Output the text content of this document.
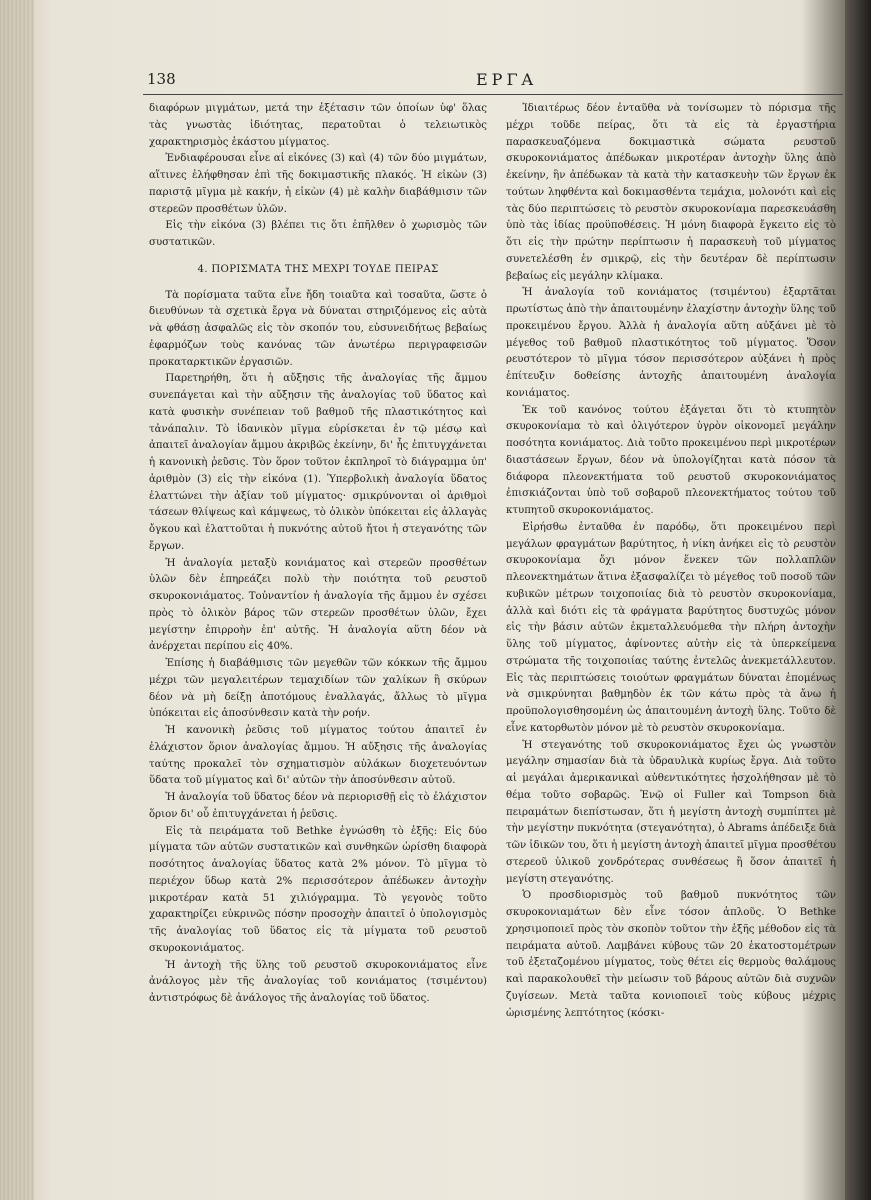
138	ΕΡΓΑ

διαφόρων μιγμάτων, μετά την ἐξέτασιν τῶν ὁποίων ὑφ' ὅλας τὰς γνωστὰς ἰδιότητας, περατοῦται ὁ τελειωτικὸς χαρακτηρισμὸς ἑκάστου μίγματος.

Ἐνδιαφέρουσαι εἶνε αἱ εἰκόνες (3) καὶ (4) τῶν δύο μιγμάτων, αἵτινες ἐλήφθησαν ἐπὶ τῆς δοκιμαστικῆς πλακός. Ἡ εἰκὼν (3) παριστᾷ μῖγμα μὲ κακήν, ἡ εἰκὼν (4) μὲ καλὴν διαβάθμισιν τῶν στερεῶν προσθέτων ὑλῶν.

Εἰς τὴν εἰκόνα (3) βλέπει τις ὅτι ἐπῆλθεν ὁ χωρισμὸς τῶν συστατικῶν.

4. ΠΟΡΙΣΜΑΤΑ ΤΗΣ ΜΕΧΡΙ ΤΟΥΔΕ ΠΕΙΡΑΣ

Τὰ πορίσματα ταῦτα εἶνε ἤδη τοιαῦτα καὶ τοσαῦτα, ὥστε ὁ διευθύνων τὰ σχετικὰ ἔργα νὰ δύναται στηριζόμενος εἰς αὐτὰ νὰ φθάσῃ ἀσφαλῶς εἰς τὸν σκοπόν του, εὐσυνειδήτως βεβαίως ἐφαρμόζων τοὺς κανόνας τῶν ἀνωτέρω περιγραφεισῶν προκαταρκτικῶν ἐργασιῶν.

Παρετηρήθη, ὅτι ἡ αὔξησις τῆς ἀναλογίας τῆς ἄμμου συνεπάγεται καὶ τὴν αὔξησιν τῆς ἀναλογίας τοῦ ὕδατος καὶ κατὰ φυσικὴν συνέπειαν τοῦ βαθμοῦ τῆς πλαστικότητος καὶ τἀνάπαλιν. Τὸ ἰδανικὸν μῖγμα εὑρίσκεται ἐν τῷ μέσῳ καὶ ἀπαιτεῖ ἀναλογίαν ἄμμου ἀκριβῶς ἐκείνην, δι' ἧς ἐπιτυγχάνεται ἡ κανονικὴ ῥεῦσις. Τὸν ὅρον τοῦτον ἐκπληροῖ τὸ διάγραμμα ὑπ' ἀριθμὸν (3) εἰς τὴν εἰκόνα (1). Ὑπερβολικὴ ἀναλογία ὕδατος ἐλαττώνει τὴν ἀξίαν τοῦ μίγματος· σμικρύνονται οἱ ἀριθμοὶ τάσεων θλίψεως καὶ κάμψεως, τὸ ὁλικὸν ὑπόκειται εἰς ἀλλαγὰς ὄγκου καὶ ἐλαττοῦται ἡ πυκνότης αὐτοῦ ἤτοι ἡ στεγανότης τῶν ἔργων.

Ἡ ἀναλογία μεταξὺ κονιάματος καὶ στερεῶν προσθέτων ὑλῶν δὲν ἐπηρεάζει πολὺ τὴν ποιότητα τοῦ ρευστοῦ σκυροκονιάματος. Τοὐναντίον ἡ ἀναλογία τῆς ἄμμου ἐν σχέσει πρὸς τὸ ὁλικὸν βάρος τῶν στερεῶν προσθέτων ὑλῶν, ἔχει μεγίστην ἐπιρροὴν ἐπ' αὐτῆς. Ἡ ἀναλογία αὕτη δέον νὰ ἀνέρχεται περίπου εἰς 40%.

Ἐπίσης ἡ διαβάθμισις τῶν μεγεθῶν τῶν κόκκων τῆς ἄμμου μέχρι τῶν μεγαλειτέρων τεμαχιδίων τῶν χαλίκων ἢ σκύρων δέον νὰ μὴ δείξῃ ἀποτόμους ἐναλλαγάς, ἄλλως τὸ μῖγμα ὑπόκειται εἰς ἀποσύνθεσιν κατὰ τὴν ροήν.

Ἡ κανονικὴ ῥεῦσις τοῦ μίγματος τούτου ἀπαιτεῖ ἐν ἐλάχιστον ὅριον ἀναλογίας ἄμμου. Ἡ αὔξησις τῆς ἀναλογίας ταύτης προκαλεῖ τὸν σχηματισμὸν αὐλάκων διοχετευόντων ὕδατα τοῦ μίγματος καὶ δι' αὐτῶν τὴν ἀποσύνθεσιν αὐτοῦ.

Ἡ ἀναλογία τοῦ ὕδατος δέον νὰ περιορισθῇ εἰς τὸ ἐλάχιστον ὅριον δι' οὗ ἐπιτυγχάνεται ἡ ῥεῦσις.

Εἰς τὰ πειράματα τοῦ Bethke ἐγνώσθη τὸ ἑξῆς: Εἰς δύο μίγματα τῶν αὐτῶν συστατικῶν καὶ συνθηκῶν ὡρίσθη διαφορὰ ποσότητος ἀναλογίας ὕδατος κατὰ 2% μόνον. Τὸ μῖγμα τὸ περιέχον ὕδωρ κατὰ 2% περισσότερον ἀπέδωκεν ἀντοχὴν μικροτέραν κατὰ 51 χιλιόγραμμα. Τὸ γεγονὸς τοῦτο χαρακτηρίζει εὐκρινῶς πόσην προσοχὴν ἀπαιτεῖ ὁ ὑπολογισμὸς τῆς ἀναλογίας τοῦ ὕδατος εἰς τὰ μίγματα τοῦ ρευστοῦ σκυροκονιάματος.

Ἡ ἀντοχὴ τῆς ὕλης τοῦ ρευστοῦ σκυροκονιάματος εἶνε ἀνάλογος μὲν τῆς ἀναλογίας τοῦ κονιάματος (τσιμέντου) ἀντιστρόφως δὲ ἀνάλογος τῆς ἀναλογίας τοῦ ὕδατος.

Ἰδιαιτέρως δέον ἐνταῦθα νὰ τονίσωμεν τὸ πόρισμα τῆς μέχρι τοῦδε πείρας, ὅτι τὰ εἰς τὰ ἐργαστήρια παρασκευαζόμενα δοκιμαστικὰ σώματα ρευστοῦ σκυροκονιάματος ἀπέδωκαν μικροτέραν ἀντοχὴν ὕλης ἀπὸ ἐκείνην, ἣν ἀπέδωκαν τὰ κατὰ τὴν κατασκευὴν τῶν ἔργων ἐκ τούτων ληφθέντα καὶ δοκιμασθέντα τεμάχια, μολονότι καὶ εἰς τὰς δύο περιπτώσεις τὸ ρευστὸν σκυροκονίαμα παρεσκευάσθη ὑπὸ τὰς ἰδίας προϋποθέσεις. Ἡ μόνη διαφορὰ ἔγκειτο εἰς τὸ ὅτι εἰς τὴν πρώτην περίπτωσιν ἡ παρασκευὴ τοῦ μίγματος συνετελέσθη ἐν σμικρῷ, εἰς τὴν δευτέραν δὲ περίπτωσιν βεβαίως εἰς μεγάλην κλίμακα.

Ἡ ἀναλογία τοῦ κονιάματος (τσιμέντου) ἐξαρτᾶται πρωτίστως ἀπὸ τὴν ἀπαιτουμένην ἐλαχίστην ἀντοχὴν ὕλης τοῦ προκειμένου ἔργου. Ἀλλὰ ἡ ἀναλογία αὕτη αὐξάνει μὲ τὸ μέγεθος τοῦ βαθμοῦ πλαστικότητος τοῦ μίγματος. Ὅσον ρευστότερον τὸ μῖγμα τόσον περισσότερον αὐξάνει ἡ πρὸς ἐπίτευξιν δοθείσης ἀντοχῆς ἀπαιτουμένη ἀναλογία κονιάματος.

Ἐκ τοῦ κανόνος τούτου ἐξάγεται ὅτι τὸ κτυπητὸν σκυροκονίαμα τὸ καὶ ὀλιγότερον ὑγρὸν οἰκονομεῖ μεγάλην ποσότητα κονιάματος. Διὰ τοῦτο προκειμένου περὶ μικροτέρων διαστάσεων ἔργων, δέον νὰ ὑπολογίζηται κατὰ πόσον τὰ διάφορα πλεονεκτήματα τοῦ ρευστοῦ σκυροκονιάματος ἐπισκιάζονται ὑπὸ τοῦ σοβαροῦ πλεονεκτήματος τούτου τοῦ κτυπητοῦ σκυροκονιάματος.

Εἰρήσθω ἐνταῦθα ἐν παρόδῳ, ὅτι προκειμένου περὶ μεγάλων φραγμάτων βαρύτητος, ἡ νίκη ἀνήκει εἰς τὸ ρευστὸν σκυροκονίαμα ὄχι μόνον ἕνεκεν τῶν πολλαπλῶν πλεονεκτημάτων ἅτινα ἐξασφαλίζει τὸ μέγεθος τοῦ ποσοῦ τῶν κυβικῶν μέτρων τοιχοποιίας διὰ τὸ ρευστὸν σκυροκονίαμα, ἀλλὰ καὶ διότι εἰς τὰ φράγματα βαρύτητος δυστυχῶς μόνον εἰς τὴν βάσιν αὐτῶν ἐκμεταλλευόμεθα τὴν πλήρη ἀντοχὴν ὕλης τοῦ μίγματος, ἀφίνοντες αὐτὴν εἰς τὰ ὑπερκείμενα στρώματα τῆς τοιχοποιίας ταύτης ἐντελῶς ἀνεκμετάλλευτον. Εἰς τὰς περιπτώσεις τοιούτων φραγμάτων δύναται ἐπομένως νὰ σμικρύνηται βαθμηδὸν ἐκ τῶν κάτω πρὸς τὰ ἄνω ἡ προϋπολογισθησομένη ὡς ἀπαιτουμένη ἀντοχὴ ὕλης. Τοῦτο δὲ εἶνε κατορθωτὸν μόνον μὲ τὸ ρευστὸν σκυροκονίαμα.

Ἡ στεγανότης τοῦ σκυροκονιάματος ἔχει ὡς γνωστὸν μεγάλην σημασίαν διὰ τὰ ὑδραυλικὰ κυρίως ἔργα. Διὰ τοῦτο αἱ μεγάλαι ἀμερικανικαὶ αὐθεντικότητες ἠσχολήθησαν μὲ τὸ θέμα τοῦτο σοβαρῶς. Ἐνῷ οἱ Fuller καὶ Tompson διὰ πειραμάτων διεπίστωσαν, ὅτι ἡ μεγίστη ἀντοχὴ συμπίπτει μὲ τὴν μεγίστην πυκνότητα (στεγανότητα), ὁ Abrams ἀπέδειξε διὰ τῶν ἰδικῶν του, ὅτι ἡ μεγίστη ἀντοχὴ ἀπαιτεῖ μῖγμα προσθέτου στερεοῦ ὑλικοῦ χονδρότερας συνθέσεως ἢ ὅσον ἀπαιτεῖ ἡ μεγίστη στεγανότης.

Ὁ προσδιορισμὸς τοῦ βαθμοῦ πυκνότητος τῶν σκυροκονιαμάτων δὲν εἶνε τόσον ἁπλοῦς. Ὁ Bethke χρησιμοποιεῖ πρὸς τὸν σκοπὸν τοῦτον τὴν ἑξῆς μέθοδον εἰς τὰ πειράματα αὐτοῦ. Λαμβάνει κύβους τῶν 20 ἑκατοστομέτρων τοῦ ἐξεταζομένου μίγματος, τοὺς θέτει εἰς θερμοὺς θαλάμους καὶ παρακολουθεῖ τὴν μείωσιν τοῦ βάρους αὐτῶν διὰ συχνῶν ζυγίσεων. Μετὰ ταῦτα κονιοποιεῖ τοὺς κύβους μέχρις ὡρισμένης λεπτότητος (κόσκι-
